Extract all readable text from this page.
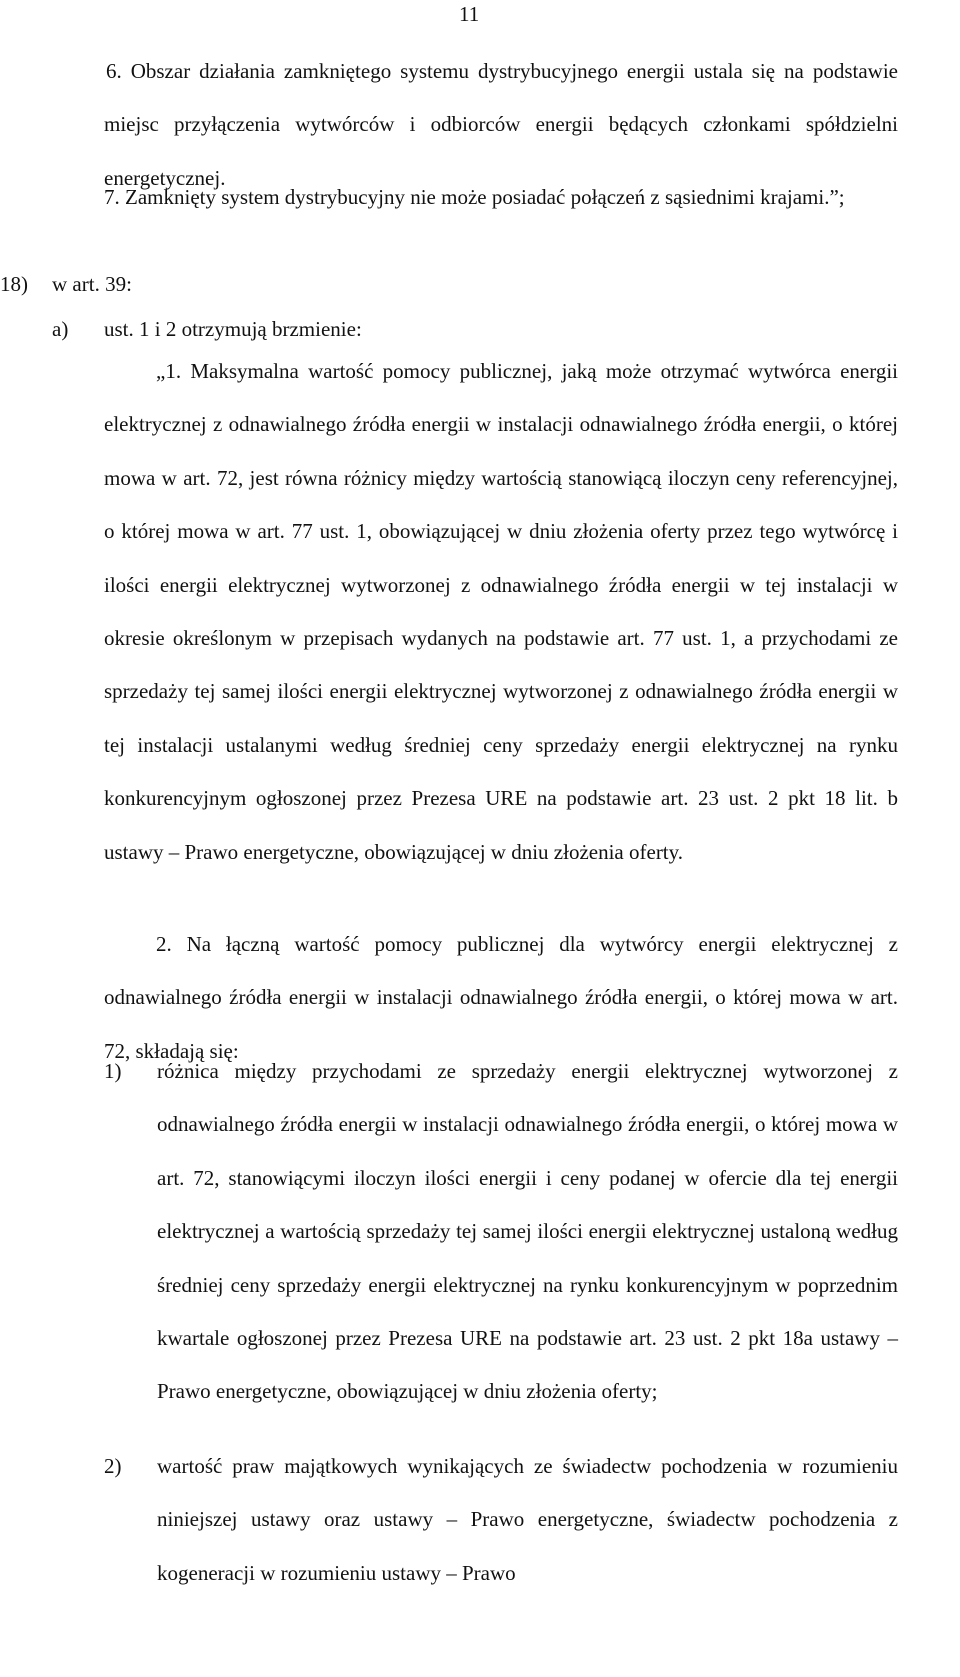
11

6. Obszar działania zamkniętego systemu dystrybucyjnego energii ustala się na podstawie miejsc przyłączenia wytwórców i odbiorców energii będących członkami spółdzielni energetycznej.

7. Zamknięty system dystrybucyjny nie może posiadać połączeń z sąsiednimi krajami.”;

18) w art. 39:
a) ust. 1 i 2 otrzymują brzmienie:

„1. Maksymalna wartość pomocy publicznej, jaką może otrzymać wytwórca energii elektrycznej z odnawialnego źródła energii w instalacji odnawialnego źródła energii, o której mowa w art. 72, jest równa różnicy między wartością stanowiącą iloczyn ceny referencyjnej, o której mowa w art. 77 ust. 1, obowiązującej w dniu złożenia oferty przez tego wytwórcę i ilości energii elektrycznej wytworzonej z odnawialnego źródła energii w tej instalacji w okresie określonym w przepisach wydanych na podstawie art. 77 ust. 1, a przychodami ze sprzedaży tej samej ilości energii elektrycznej wytworzonej z odnawialnego źródła energii w tej instalacji ustalanymi według średniej ceny sprzedaży energii elektrycznej na rynku konkurencyjnym ogłoszonej przez Prezesa URE na podstawie art. 23 ust. 2 pkt 18 lit. b ustawy – Prawo energetyczne, obowiązującej w dniu złożenia oferty.

2. Na łączną wartość pomocy publicznej dla wytwórcy energii elektrycznej z odnawialnego źródła energii w instalacji odnawialnego źródła energii, o której mowa w art. 72, składają się:

1) różnica między przychodami ze sprzedaży energii elektrycznej wytworzonej z odnawialnego źródła energii w instalacji odnawialnego źródła energii, o której mowa w art. 72, stanowiącymi iloczyn ilości energii i ceny podanej w ofercie dla tej energii elektrycznej a wartością sprzedaży tej samej ilości energii elektrycznej ustaloną według średniej ceny sprzedaży energii elektrycznej na rynku konkurencyjnym w poprzednim kwartale ogłoszonej przez Prezesa URE na podstawie art. 23 ust. 2 pkt 18a ustawy – Prawo energetyczne, obowiązującej w dniu złożenia oferty;

2) wartość praw majątkowych wynikających ze świadectw pochodzenia w rozumieniu niniejszej ustawy oraz ustawy – Prawo energetyczne, świadectw pochodzenia z kogeneracji w rozumieniu ustawy – Prawo
